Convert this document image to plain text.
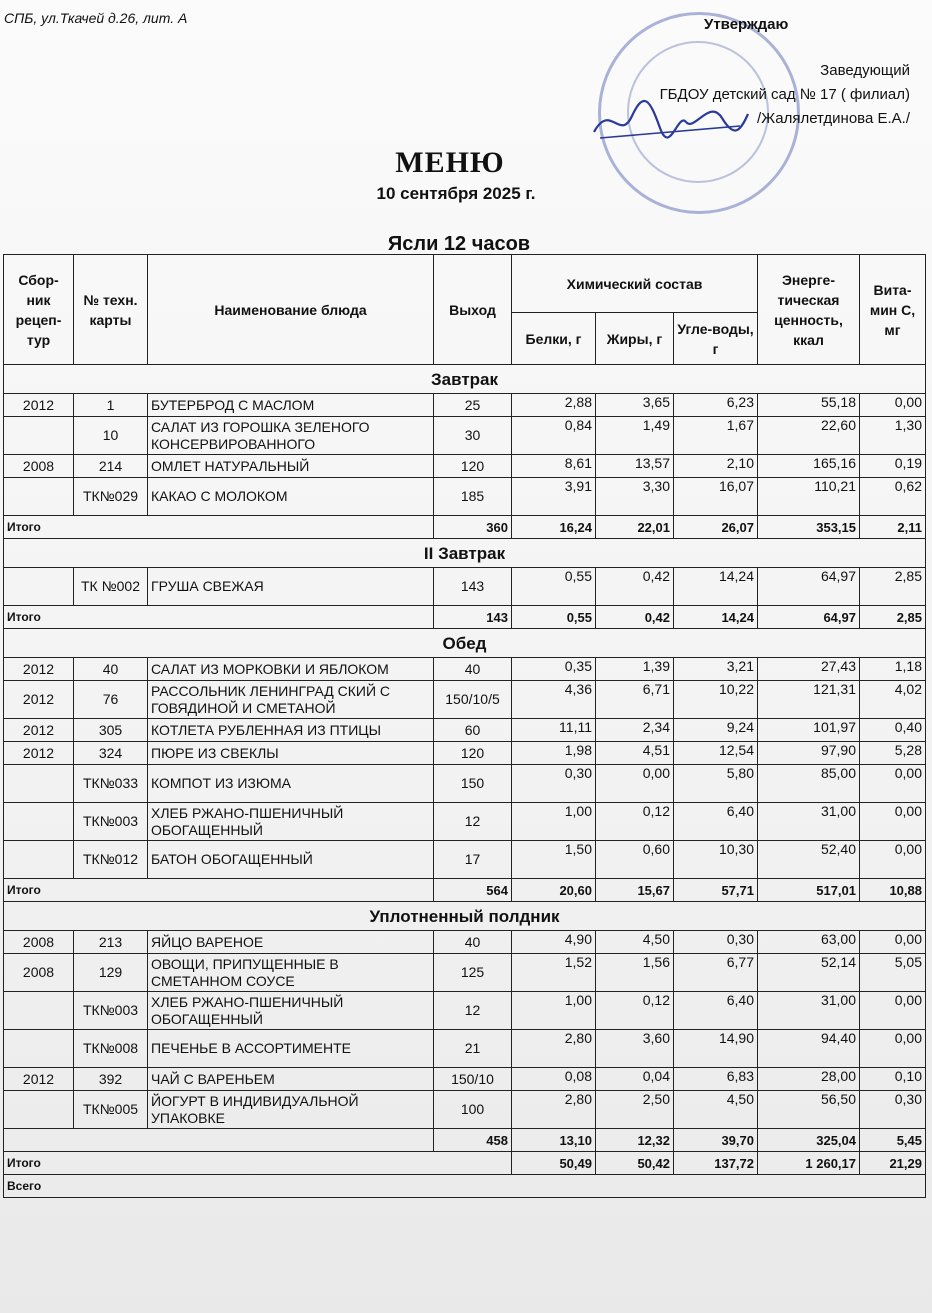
СПБ, ул.Ткачей д.26, лит. А	Утверждаю
Заведующий
ГБДОУ детский сад № 17 ( филиал)
/Жалялетдинова Е.А./
МЕНЮ
10 сентября 2025 г.
Ясли 12 часов
Сбор-ник рецеп-тур	№ техн. карты	Наименование блюда	Выход	Химический состав			Энерге-тическая ценность, ккал	Вита-мин С, мг
				Белки, г	Жиры, г	Угле-воды, г		
Завтрак								
2012	1	БУТЕРБРОД С МАСЛОМ	25	2,88	3,65	6,23	55,18	0,00
	10	САЛАТ ИЗ ГОРОШКА ЗЕЛЕНОГО КОНСЕРВИРОВАННОГО	30	0,84	1,49	1,67	22,60	1,30
2008	214	ОМЛЕТ НАТУРАЛЬНЫЙ	120	8,61	13,57	2,10	165,16	0,19
	ТК№029	КАКАО С МОЛОКОМ	185	3,91	3,30	16,07	110,21	0,62
Итого			360	16,24	22,01	26,07	353,15	2,11
II Завтрак								
	ТК №002	ГРУША СВЕЖАЯ	143	0,55	0,42	14,24	64,97	2,85
Итого			143	0,55	0,42	14,24	64,97	2,85
Обед								
2012	40	САЛАТ ИЗ МОРКОВКИ И ЯБЛОКОМ	40	0,35	1,39	3,21	27,43	1,18
2012	76	РАССОЛЬНИК ЛЕНИНГРАД СКИЙ С ГОВЯДИНОЙ И СМЕТАНОЙ	150/10/5	4,36	6,71	10,22	121,31	4,02
2012	305	КОТЛЕТА РУБЛЕННАЯ ИЗ ПТИЦЫ	60	11,11	2,34	9,24	101,97	0,40
2012	324	ПЮРЕ ИЗ СВЕКЛЫ	120	1,98	4,51	12,54	97,90	5,28
	ТК№033	КОМПОТ ИЗ ИЗЮМА	150	0,30	0,00	5,80	85,00	0,00
	ТК№003	ХЛЕБ РЖАНО-ПШЕНИЧНЫЙ ОБОГАЩЕННЫЙ	12	1,00	0,12	6,40	31,00	0,00
	ТК№012	БАТОН ОБОГАЩЕННЫЙ	17	1,50	0,60	10,30	52,40	0,00
Итого			564	20,60	15,67	57,71	517,01	10,88
Уплотненный полдник								
2008	213	ЯЙЦО ВАРЕНОЕ	40	4,90	4,50	0,30	63,00	0,00
2008	129	ОВОЩИ, ПРИПУЩЕННЫЕ В СМЕТАННОМ СОУСЕ	125	1,52	1,56	6,77	52,14	5,05
	ТК№003	ХЛЕБ РЖАНО-ПШЕНИЧНЫЙ ОБОГАЩЕННЫЙ	12	1,00	0,12	6,40	31,00	0,00
	ТК№008	ПЕЧЕНЬЕ В АССОРТИМЕНТЕ	21	2,80	3,60	14,90	94,40	0,00
2012	392	ЧАЙ С ВАРЕНЬЕМ	150/10	0,08	0,04	6,83	28,00	0,10
	ТК№005	ЙОГУРТ В ИНДИВИДУАЛЬНОЙ УПАКОВКЕ	100	2,80	2,50	4,50	56,50	0,30
			458	13,10	12,32	39,70	325,04	5,45
Итого				50,49	50,42	137,72	1 260,17	21,29
Всего								
